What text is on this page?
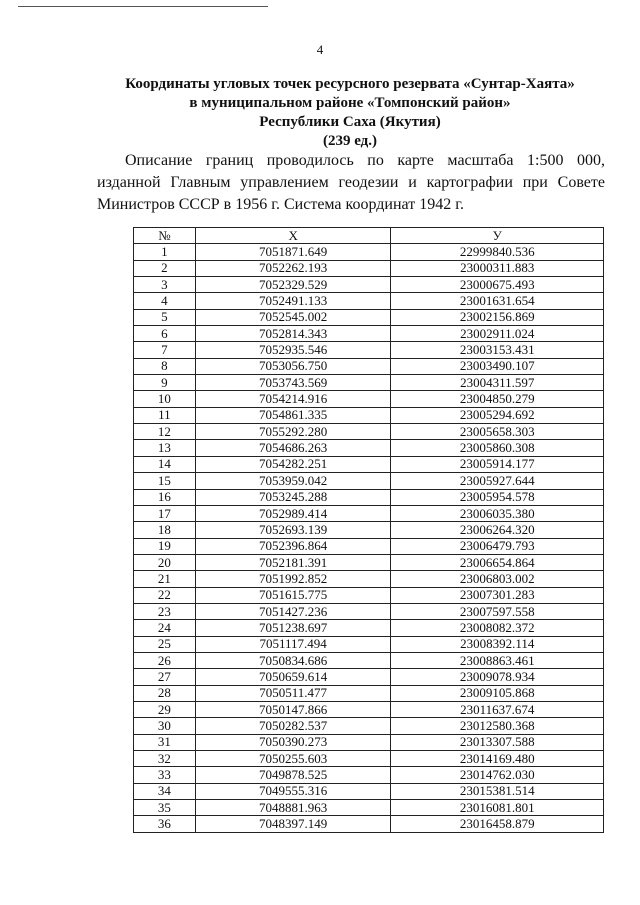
4
Координаты угловых точек ресурсного резервата «Сунтар-Хаята»
в муниципальном районе «Томпонский район»
Республики Саха (Якутия)
(239 ед.)

Описание границ проводилось по карте масштаба 1:500 000, изданной Главным управлением геодезии и картографии при Совете Министров СССР в 1956 г. Система координат 1942 г.

№	X	У
1	7051871.649	22999840.536
2	7052262.193	23000311.883
3	7052329.529	23000675.493
4	7052491.133	23001631.654
5	7052545.002	23002156.869
6	7052814.343	23002911.024
7	7052935.546	23003153.431
8	7053056.750	23003490.107
9	7053743.569	23004311.597
10	7054214.916	23004850.279
11	7054861.335	23005294.692
12	7055292.280	23005658.303
13	7054686.263	23005860.308
14	7054282.251	23005914.177
15	7053959.042	23005927.644
16	7053245.288	23005954.578
17	7052989.414	23006035.380
18	7052693.139	23006264.320
19	7052396.864	23006479.793
20	7052181.391	23006654.864
21	7051992.852	23006803.002
22	7051615.775	23007301.283
23	7051427.236	23007597.558
24	7051238.697	23008082.372
25	7051117.494	23008392.114
26	7050834.686	23008863.461
27	7050659.614	23009078.934
28	7050511.477	23009105.868
29	7050147.866	23011637.674
30	7050282.537	23012580.368
31	7050390.273	23013307.588
32	7050255.603	23014169.480
33	7049878.525	23014762.030
34	7049555.316	23015381.514
35	7048881.963	23016081.801
36	7048397.149	23016458.879
